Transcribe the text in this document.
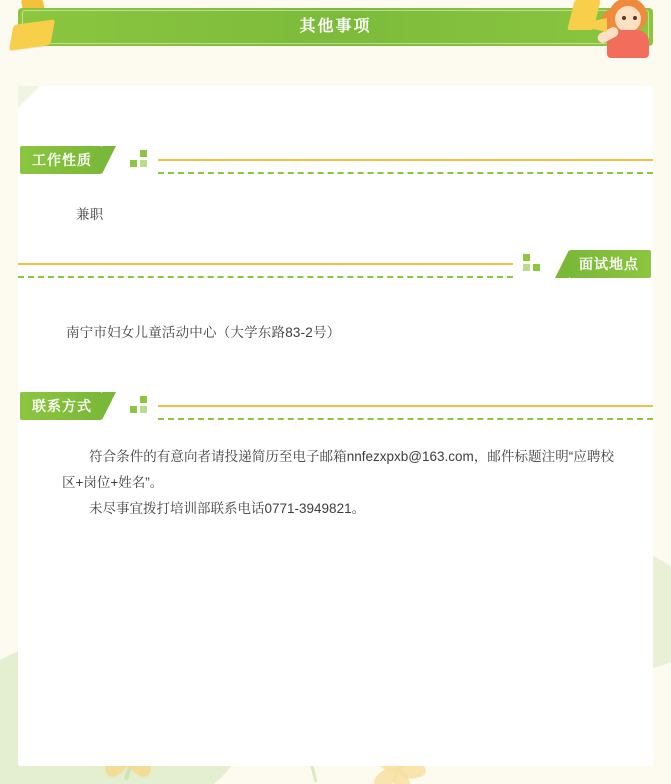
其他事项
工作性质
兼职
面试地点
南宁市妇女儿童活动中心（大学东路83-2号）
联系方式
符合条件的有意向者请投递简历至电子邮箱nnfezxpxb@163.com，邮件标题注明“应聘校区+岗位+姓名”。
未尽事宜拨打培训部联系电话0771-3949821。
